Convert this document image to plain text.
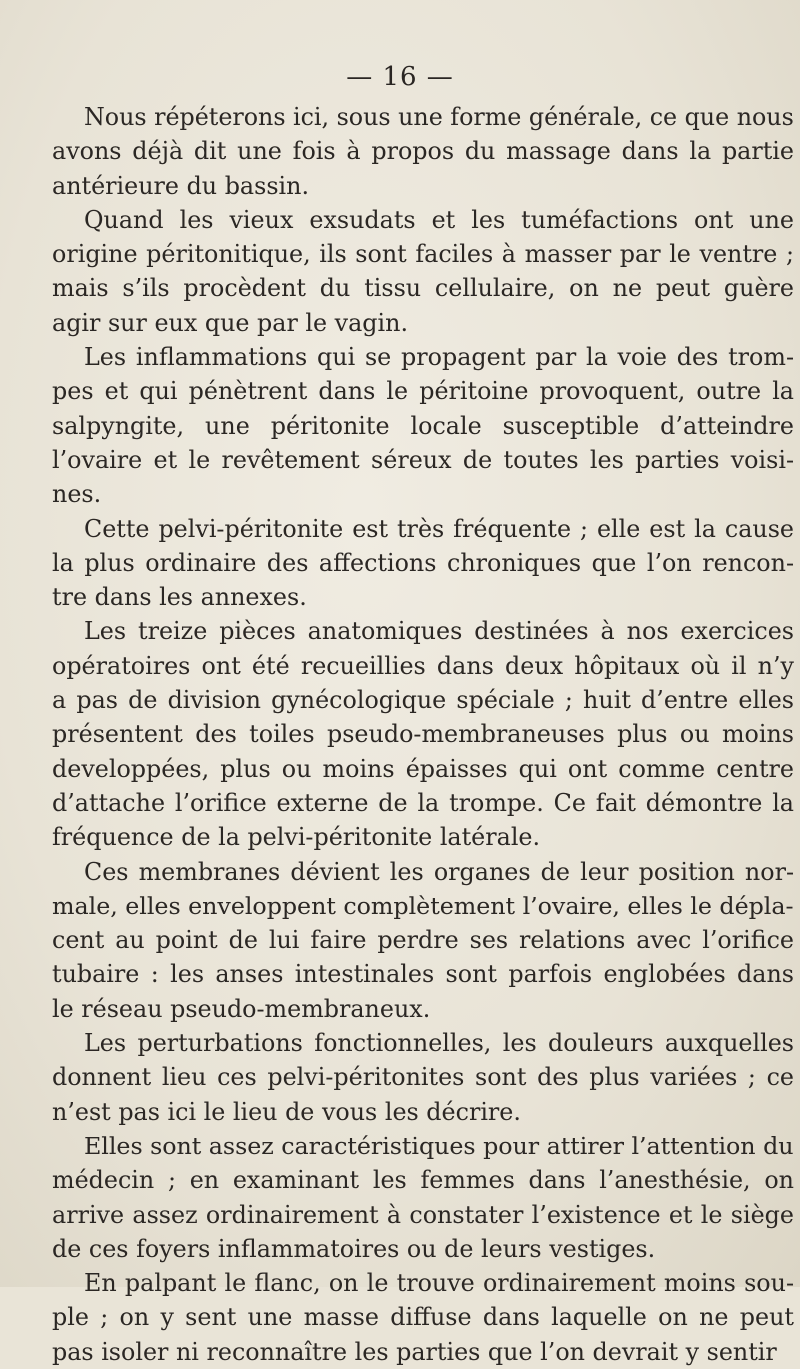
— 16 —
Nous répéterons ici, sous une forme générale, ce que nous
avons déjà dit une fois à propos du massage dans la partie
antérieure du bassin.
Quand les vieux exsudats et les tuméfactions ont une
origine péritonitique, ils sont faciles à masser par le ventre ;
mais s’ils procèdent du tissu cellulaire, on ne peut guère
agir sur eux que par le vagin.
Les inflammations qui se propagent par la voie des trom-
pes et qui pénètrent dans le péritoine provoquent, outre la
salpyngite, une péritonite locale susceptible d’atteindre
l’ovaire et le revêtement séreux de toutes les parties voisi-
nes.
Cette pelvi-péritonite est très fréquente ; elle est la cause
la plus ordinaire des affections chroniques que l’on rencon-
tre dans les annexes.
Les treize pièces anatomiques destinées à nos exercices
opératoires ont été recueillies dans deux hôpitaux où il n’y
a pas de division gynécologique spéciale ; huit d’entre elles
présentent des toiles pseudo-membraneuses plus ou moins
developpées, plus ou moins épaisses qui ont comme centre
d’attache l’orifice externe de la trompe. Ce fait démontre la
fréquence de la pelvi-péritonite latérale.
Ces membranes dévient les organes de leur position nor-
male, elles enveloppent complètement l’ovaire, elles le dépla-
cent au point de lui faire perdre ses relations avec l’orifice
tubaire : les anses intestinales sont parfois englobées dans
le réseau pseudo-membraneux.
Les perturbations fonctionnelles, les douleurs auxquelles
donnent lieu ces pelvi-péritonites sont des plus variées ; ce
n’est pas ici le lieu de vous les décrire.
Elles sont assez caractéristiques pour attirer l’attention du
médecin ; en examinant les femmes dans l’anesthésie, on
arrive assez ordinairement à constater l’existence et le siège
de ces foyers inflammatoires ou de leurs vestiges.
En palpant le flanc, on le trouve ordinairement moins sou-
ple ; on y sent une masse diffuse dans laquelle on ne peut
pas isoler ni reconnaître les parties que l’on devrait y sentir
